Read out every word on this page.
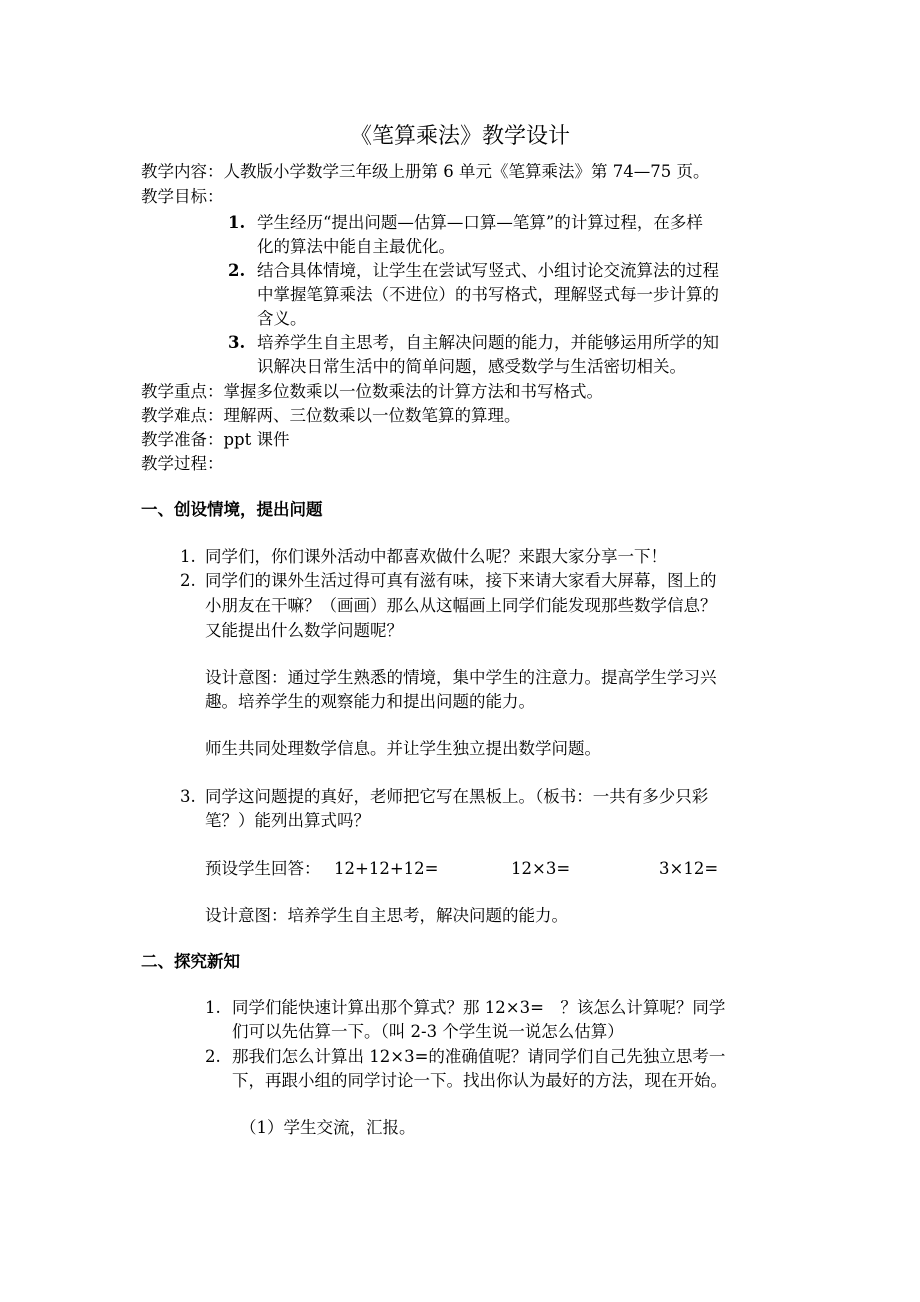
《笔算乘法》教学设计
教学内容：人教版小学数学三年级上册第 6 单元《笔算乘法》第 74—75 页。
教学目标：
1. 学生经历“提出问题—估算—口算—笔算”的计算过程，在多样
化的算法中能自主最优化。
2. 结合具体情境，让学生在尝试写竖式、小组讨论交流算法的过程
中掌握笔算乘法（不进位）的书写格式，理解竖式每一步计算的
含义。
3. 培养学生自主思考，自主解决问题的能力，并能够运用所学的知
识解决日常生活中的简单问题，感受数学与生活密切相关。
教学重点：掌握多位数乘以一位数乘法的计算方法和书写格式。
教学难点：理解两、三位数乘以一位数笔算的算理。
教学准备：ppt 课件
教学过程：
一、创设情境，提出问题
1. 同学们，你们课外活动中都喜欢做什么呢？来跟大家分享一下！
2. 同学们的课外生活过得可真有滋有味，接下来请大家看大屏幕，图上的
小朋友在干嘛？（画画）那么从这幅画上同学们能发现那些数学信息？
又能提出什么数学问题呢？
设计意图：通过学生熟悉的情境，集中学生的注意力。提高学生学习兴
趣。培养学生的观察能力和提出问题的能力。
师生共同处理数学信息。并让学生独立提出数学问题。
3. 同学这问题提的真好，老师把它写在黑板上。（板书：一共有多少只彩
笔？）能列出算式吗？
预设学生回答： 12+12+12=	12×3=	3×12=
设计意图：培养学生自主思考，解决问题的能力。
二、探究新知
1. 同学们能快速计算出那个算式？那 12×3=　？该怎么计算呢？同学
们可以先估算一下。（叫 2-3 个学生说一说怎么估算）
2. 那我们怎么计算出 12×3=的准确值呢？请同学们自己先独立思考一
下，再跟小组的同学讨论一下。找出你认为最好的方法，现在开始。
（1）学生交流，汇报。
